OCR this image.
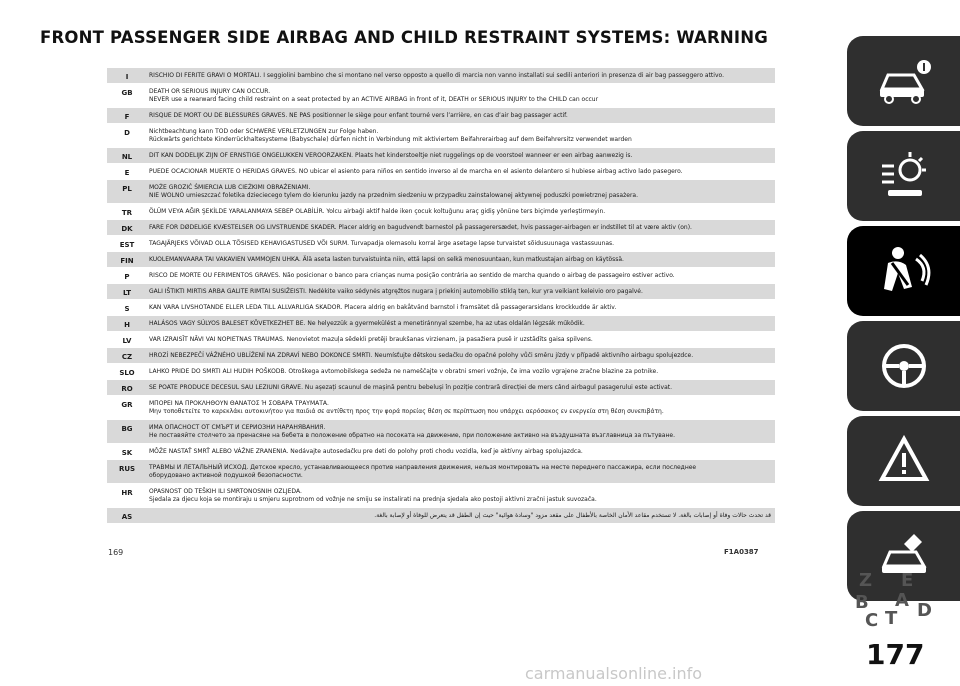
FRONT PASSENGER SIDE AIRBAG AND CHILD RESTRAINT SYSTEMS: WARNING
I	RISCHIO DI FERITE GRAVI O MORTALI. I seggiolini bambino che si montano nel verso opposto a quello di marcia non vanno installati sui sedili anteriori in presenza di air bag passeggero attivo.
GB	DEATH OR SERIOUS INJURY CAN OCCUR.
NEVER use a rearward facing child restraint on a seat protected by an ACTIVE AIRBAG in front of it, DEATH or SERIOUS INJURY to the CHILD can occur
F	RISQUE DE MORT OU DE BLESSURES GRAVES. NE PAS positionner le siège pour enfant tourné vers l’arrière, en cas d’air bag passager actif.
D	Nichtbeachtung kann TOD oder SCHWERE VERLETZUNGEN zur Folge haben.
Rückwärts gerichtete Kinderrückhaltesysteme (Babyschale) dürfen nicht in Verbindung mit aktiviertem Beifahrerairbag auf dem Beifahrersitz verwendet warden
NL	DIT KAN DODELIJK ZIJN OF ERNSTIGE ONGELUKKEN VEROORZAKEN. Plaats het kinderstoeltje niet ruggelings op de voorstoel wanneer er een airbag aanwezig is.
E	PUEDE OCACIONAR MUERTE O HERIDAS GRAVES. NO ubicar el asiento para niños en sentido inverso al de marcha en el asiento delantero si hubiese airbag activo lado pasegero.
PL	MOŻE GROZIĆ ŚMIERCIA LUB CIEŻKIMI OBRAŻENIAMI.
NIE WOLNO umieszczać foletika dzieciecego tylem do kierunku jazdy na przednim siedzeniu w przypadku zainstalowanej aktywnej poduszki powietrznej pasażera.
TR	ÖLÜM VEYA AĞIR ŞEKİLDE YARALANMAYA SEBEP OLABİLİR. Yolcu airbaği aktif halde iken çocuk koltuğunu araç gidiş yönüne ters biçimde yerleştirmeyin.
DK	FARE FOR DØDELIGE KVÆSTELSER OG LIVSTRUENDE SKADER. Placer aldrig en bagudvendt barnestol på passagerersædet, hvis passager-airbagen er indstillet til at være aktiv (on).
EST	TAGAJÄRJEKS VÕIVAD OLLA TÕSISED KEHAVIGASTUSED VÕI SURM. Turvapadja olemasolu korral ärge asetage lapse turvaistet sõidusuunaga vastassuunas.
FIN	KUOLEMANVAARA TAI VAKAVIEN VAMMOJEN UHKA. Älä aseta lasten turvaistuinta niin, että lapsi on selkä menosuuntaan, kun matkustajan airbag on käytössä.
P	RISCO DE MORTE OU FERIMENTOS GRAVES. Não posicionar o banco para crianças numa posição contrária ao sentido de marcha quando o airbag de passageiro estiver activo.
LT	GALI IŠTIKTI MIRTIS ARBA GALITE RIMTAI SUSIŽEISTI. Nedėkite vaiko sėdynės atgręžtos nugara į priekinį automobilio stiklą ten, kur yra veikiant keleivio oro pagalvė.
S	KAN VARA LIVSHOTANDE ELLER LEDA TILL ALLVARLIGA SKADOR. Placera aldrig en bakåtvänd barnstol i framsätet då passagerarsidans krockkudde är aktiv.
H	HALÁSOS VAGY SÚLYOS BALESET KÖVETKEZHET BE. Ne helyezzük a gyermekülést a menetiránnyal szembe, ha az utas oldalán légzsák működik.
LV	VAR IZRAISĪT NĀVI VAI NOPIETNAS TRAUMAS. Nenovietot mazuļa sēdekli pretēji braukšanas virzienam, ja pasažiera pusē ir uzstādīts gaisa spilvens.
CZ	HROZÍ NEBEZPEČÍ VÁŽNÉHO UBLÍŽENÍ NA ZDRAVÍ NEBO DOKONCE SMRTI. Neumísťujte dětskou sedačku do opačné polohy vůči směru jízdy v případě aktivního airbagu spolujezdce.
SLO	LAHKO PRIDE DO SMRTI ALI HUDIH POŠKODB. Otroškega avtomobilskega sedeža ne nameščajte v obratni smeri vožnje, če ima vozilo vgrajene zračne blazine za potnike.
RO	SE POATE PRODUCE DECESUL SAU LEZIUNI GRAVE. Nu așezați scaunul de mașină pentru bebeluși în poziție contrară direcției de mers când airbagul pasagerului este activat.
GR	ΜΠΟΡΕΙ ΝΑ ΠΡΟΚΛΗΘΟΥΝ ΘΑΝΑΤΟΣ Ή ΣΟΒΑΡΑ ΤΡΑΥΜΑΤΑ.
Μην τοποθετείτε το καρεκλάκι αυτοκινήτου για παιδιά σε αντίθετη προς την φορά πορείας θέση σε περίπτωση που υπάρχει αερόσακος εν ενεργεία στη θέση συνεπιβάτη.
BG	ИМА ОПАСНОСТ ОТ СМЪРТ И СЕРИОЗНИ НАРАНЯВАНИЯ.
Не поставяйте столчето за пренасяне на бебета в положение обратно на посоката на движение, при положение активно на въздушната възглавница за пътуване.
SK	MÔŽE NASTAŤ SMRŤ ALEBO VÁŽNE ZRANENIA. Nedávajte autosedačku pre deti do polohy proti chodu vozidla, keď je aktívny airbag spolujazdca.
RUS	ТРАВМЫ И ЛЕТАЛЬНЫЙ ИСХОД. Детское кресло, устанавливающееся против направления движения, нельзя монтировать на месте переднего пассажира, если последнее
оборудовано активной подушкой безопасности.
HR	OPASNOST OD TEŠKIH ILI SMRTONOSNIH OZLJEDA.
Sjedala za djecu koja se montiraju u smjeru suprotnom od vožnje ne smiju se instalirati na prednja sjedala ako postoji aktivni zračni jastuk suvozača.
AS	قد تحدث حالات وفاة أو إصابات بالغة. لا تستخدم مقاعد الأمان الخاصة بالأطفال على مقعد مزود "وسادة هوائية" حيث إن الطفل قد يتعرض للوفاة أو لإصابة بالغة.
169	F1A0387
177
carmanualsonline.info
Z E
B A
C T D
